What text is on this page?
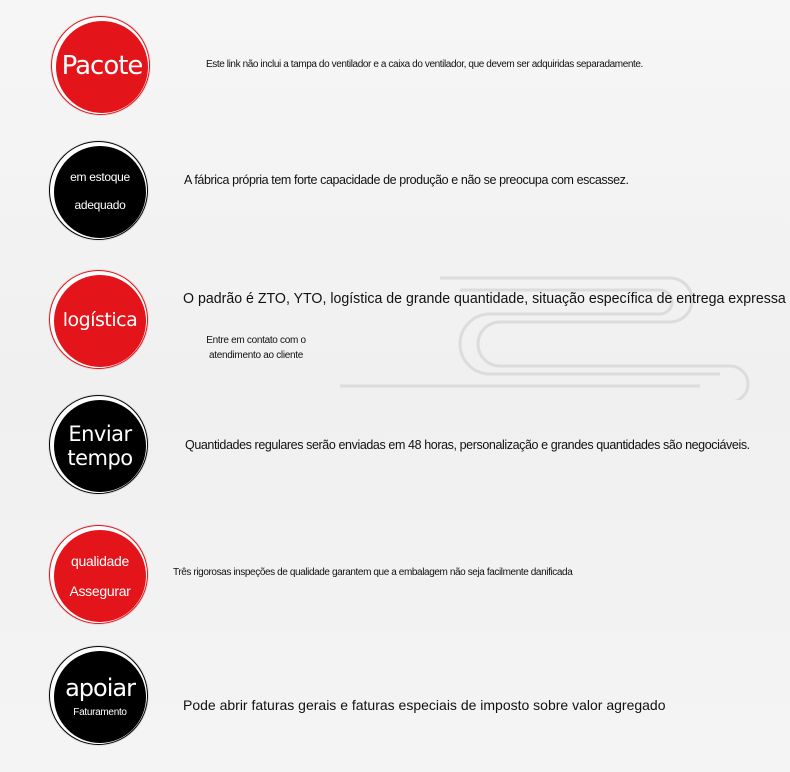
Pacote	Este link não inclui a tampa do ventilador e a caixa do ventilador, que devem ser adquiridas separadamente.
em estoque
adequado
A fábrica própria tem forte capacidade de produção e não se preocupa com escassez.
logística
O padrão é ZTO, YTO, logística de grande quantidade, situação específica de entrega expressa
Entre em contato com o
atendimento ao cliente
Enviar
tempo
Quantidades regulares serão enviadas em 48 horas, personalização e grandes quantidades são negociáveis.
qualidade
Assegurar
Três rigorosas inspeções de qualidade garantem que a embalagem não seja facilmente danificada
apoiar
Faturamento	Pode abrir faturas gerais e faturas especiais de imposto sobre valor agregado
